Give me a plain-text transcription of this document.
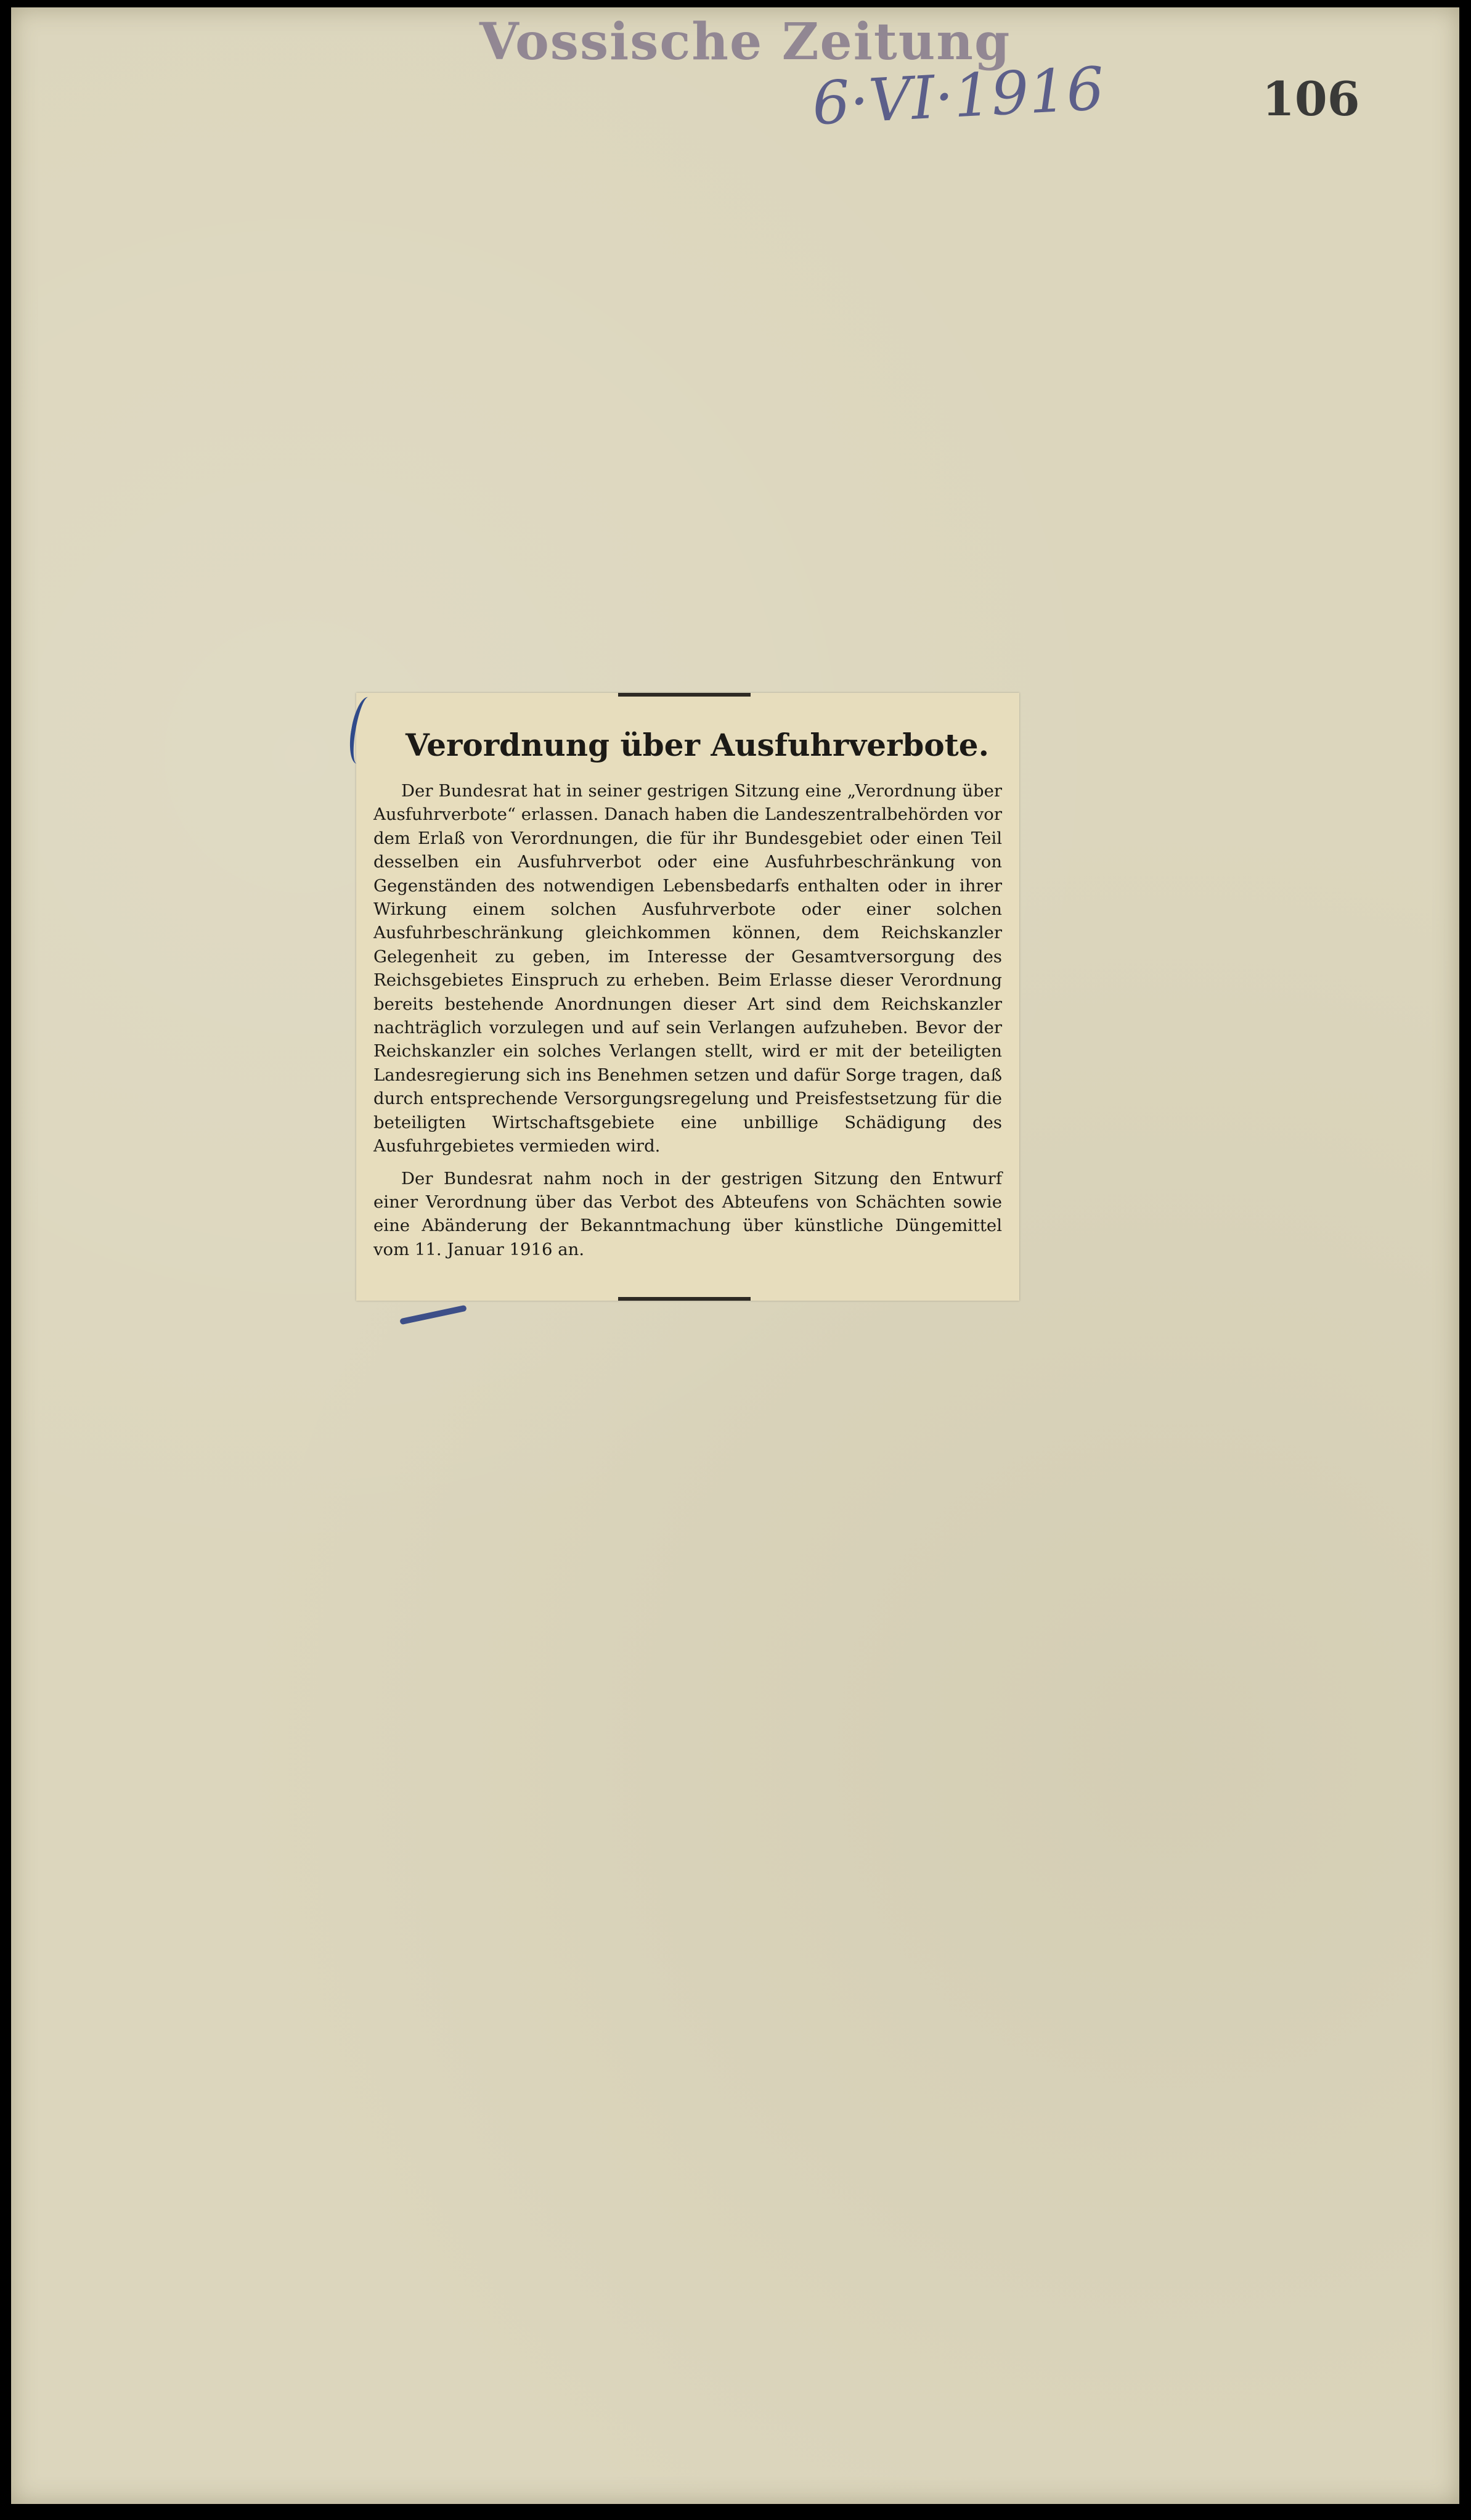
Vossische Zeitung
6·VI·1916	106
Verordnung über Ausfuhrverbote.

Der Bundesrat hat in seiner gestrigen Sitzung eine „Verordnung über Ausfuhrverbote“ erlassen. Danach haben die Landeszentralbehörden vor dem Erlaß von Verordnungen, die für ihr Bundesgebiet oder einen Teil desselben ein Ausfuhrverbot oder eine Ausfuhrbeschränkung von Gegenständen des notwendigen Lebensbedarfs enthalten oder in ihrer Wirkung einem solchen Ausfuhrverbote oder einer solchen Ausfuhrbeschränkung gleichkommen können, dem Reichskanzler Gelegenheit zu geben, im Interesse der Gesamtversorgung des Reichsgebietes Einspruch zu erheben. Beim Erlasse dieser Verordnung bereits bestehende Anordnungen dieser Art sind dem Reichskanzler nachträglich vorzulegen und auf sein Verlangen aufzuheben. Bevor der Reichskanzler ein solches Verlangen stellt, wird er mit der beteiligten Landesregierung sich ins Benehmen setzen und dafür Sorge tragen, daß durch entsprechende Versorgungsregelung und Preisfestsetzung für die beteiligten Wirtschaftsgebiete eine unbillige Schädigung des Ausfuhrgebietes vermieden wird.

Der Bundesrat nahm noch in der gestrigen Sitzung den Entwurf einer Verordnung über das Verbot des Abteufens von Schächten sowie eine Abänderung der Bekanntmachung über künstliche Düngemittel vom 11. Januar 1916 an.
